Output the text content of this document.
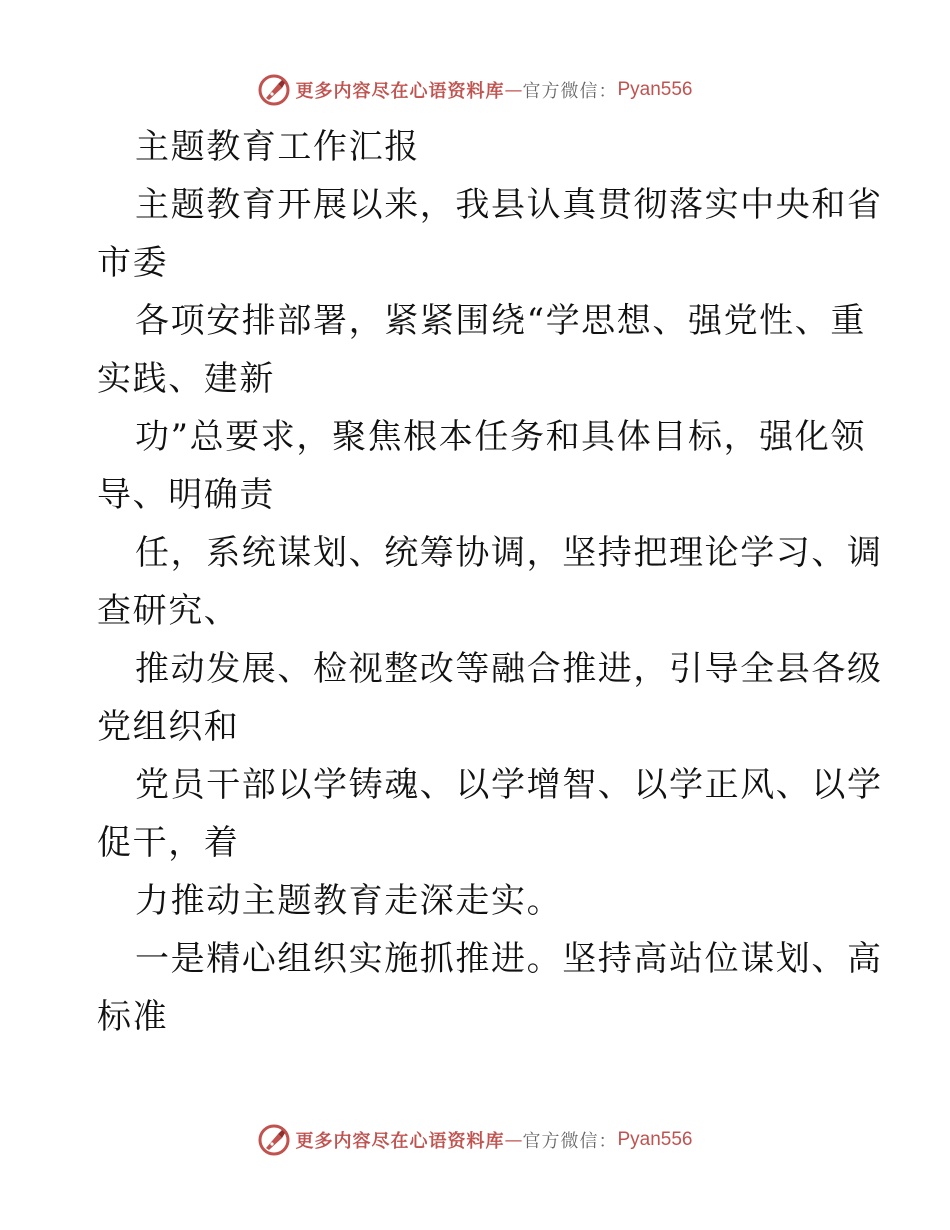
更多内容尽在心语资料库 — 官方微信： Pyan556
主题教育工作汇报
主题教育开展以来，我县认真贯彻落实中央和省
市委
各项安排部署，紧紧围绕“学思想、强党性、重
实践、建新
功”总要求，聚焦根本任务和具体目标，强化领
导、明确责
任，系统谋划、统筹协调，坚持把理论学习、调
查研究、
推动发展、检视整改等融合推进，引导全县各级
党组织和
党员干部以学铸魂、以学增智、以学正风、以学
促干，着
力推动主题教育走深走实。
一是精心组织实施抓推进。坚持高站位谋划、高
标准
更多内容尽在心语资料库 — 官方微信： Pyan556
